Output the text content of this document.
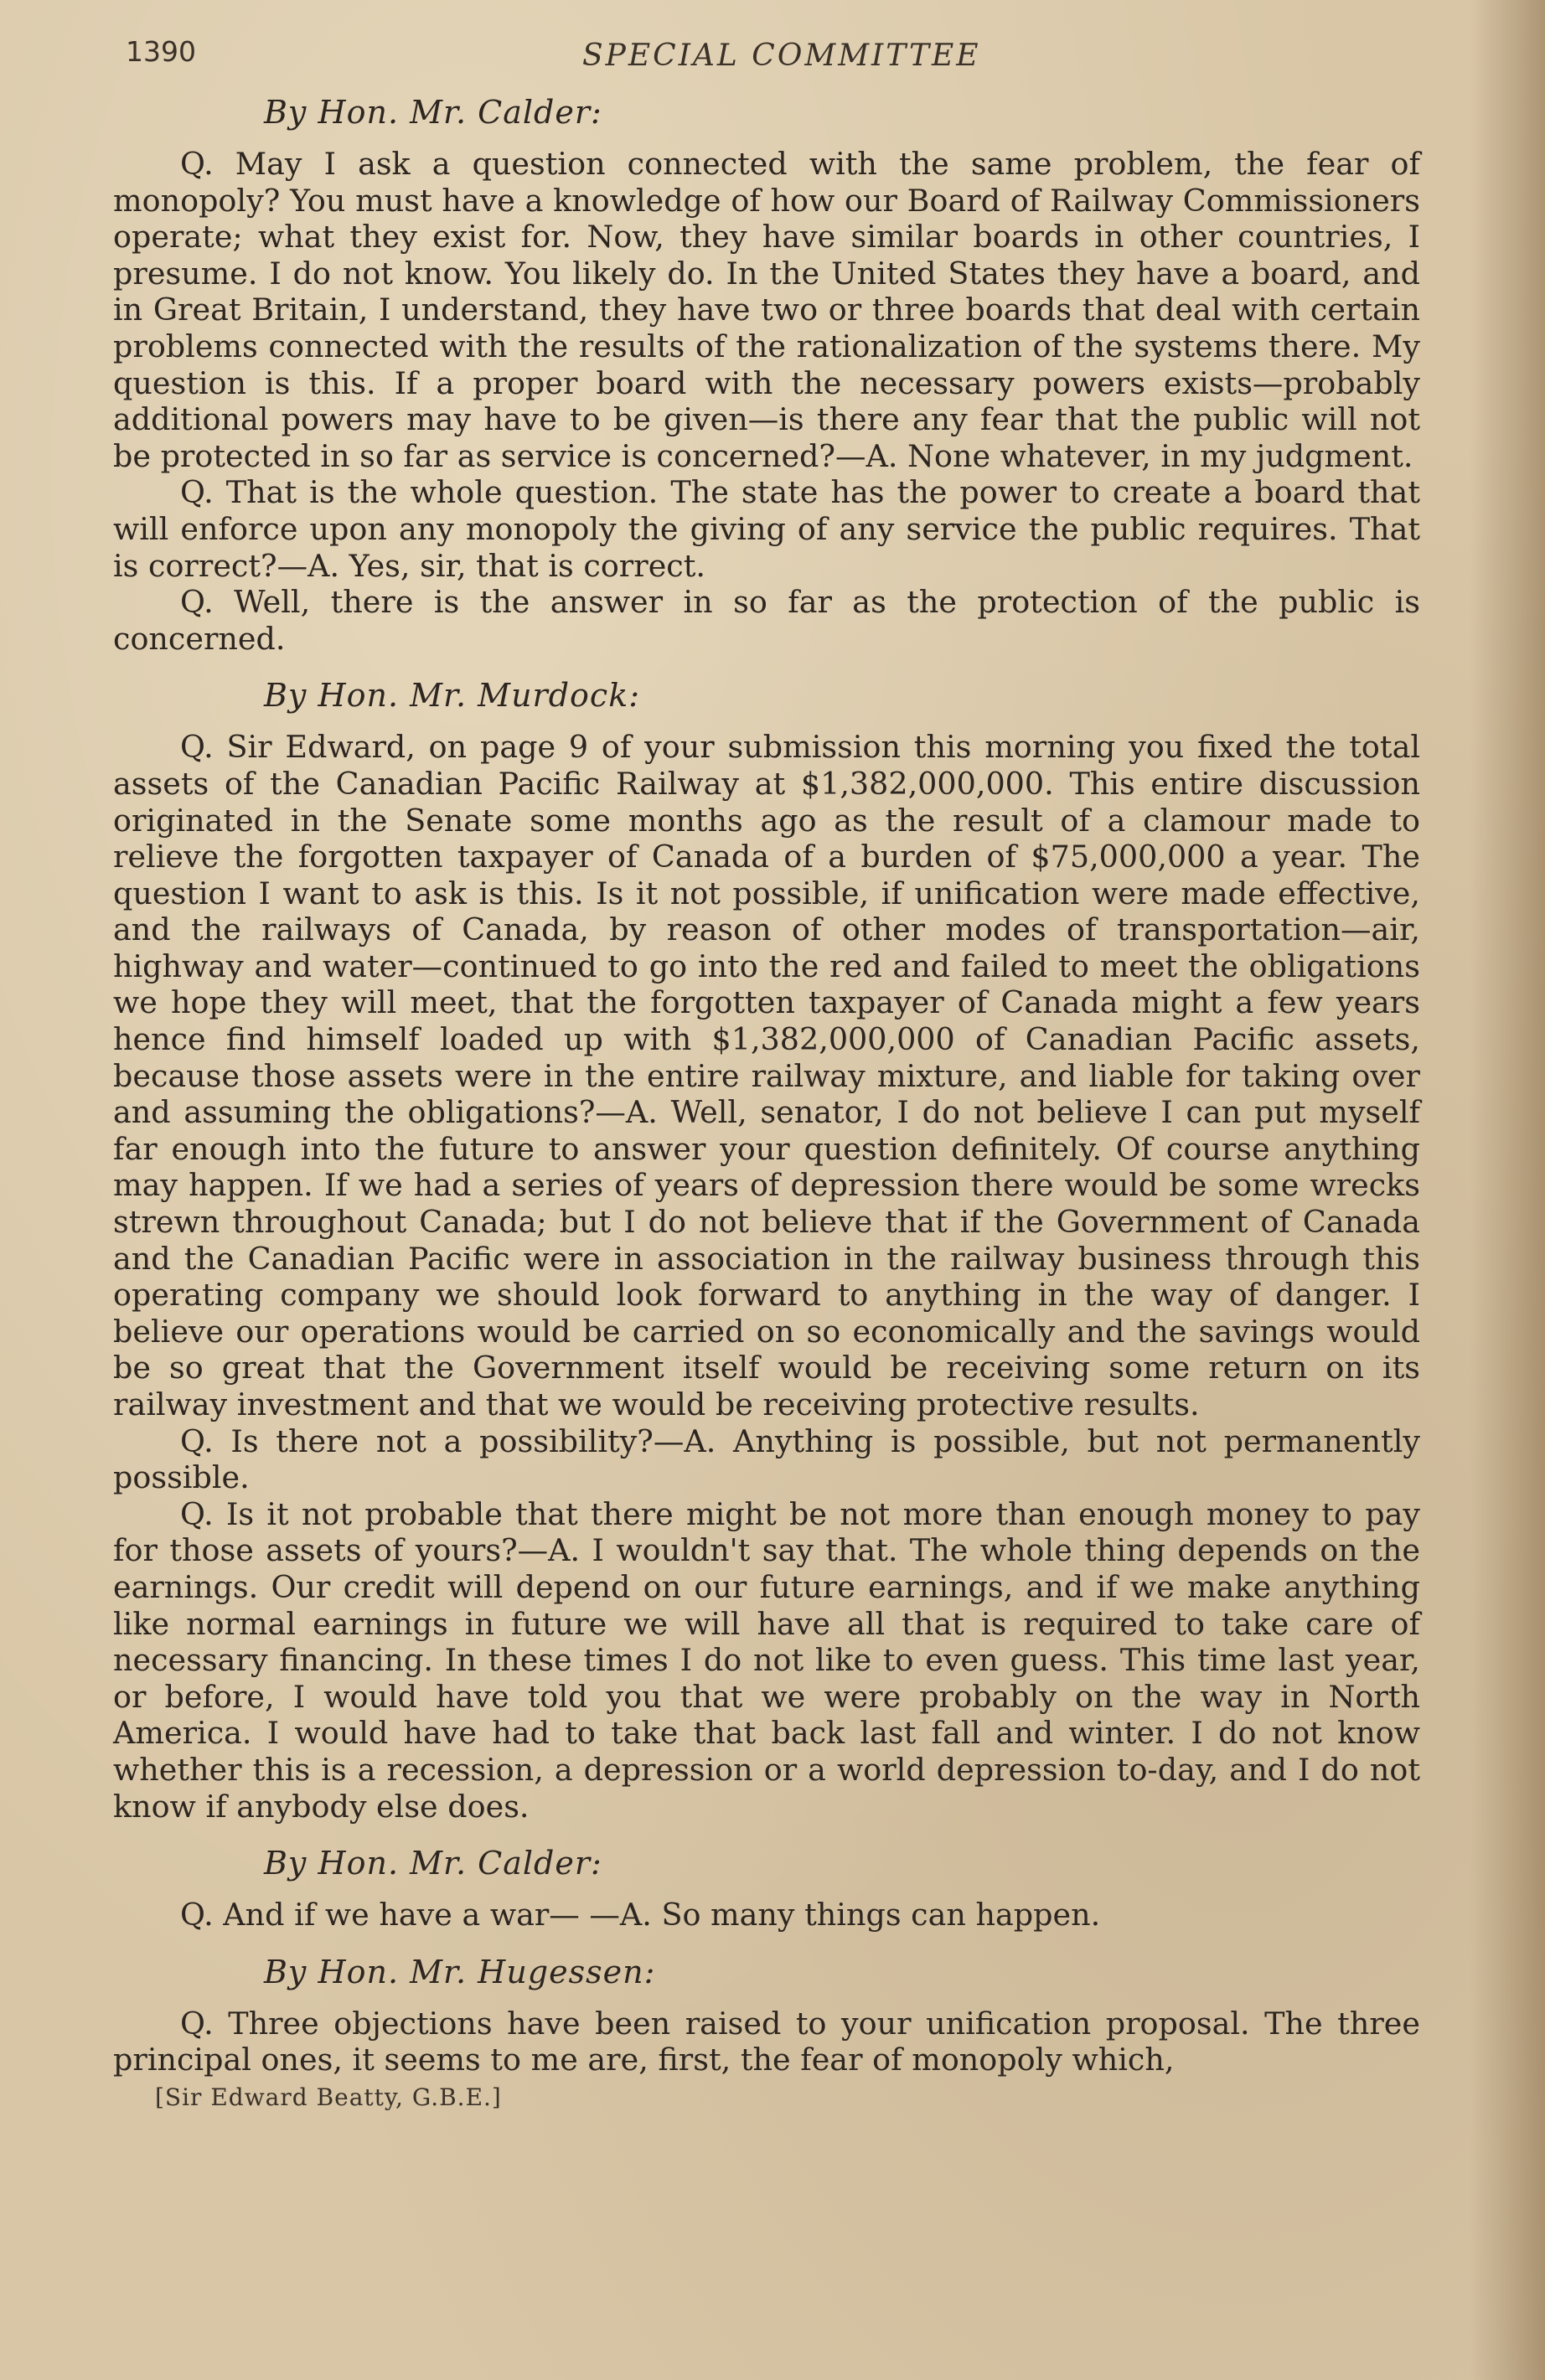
1390	SPECIAL COMMITTEE
By Hon. Mr. Calder:

Q. May I ask a question connected with the same problem, the fear of monopoly? You must have a knowledge of how our Board of Railway Commissioners operate; what they exist for. Now, they have similar boards in other countries, I presume. I do not know. You likely do. In the United States they have a board, and in Great Britain, I understand, they have two or three boards that deal with certain problems connected with the results of the rationalization of the systems there. My question is this. If a proper board with the necessary powers exists—probably additional powers may have to be given—is there any fear that the public will not be protected in so far as service is concerned?—A. None whatever, in my judgment.

Q. That is the whole question. The state has the power to create a board that will enforce upon any monopoly the giving of any service the public requires. That is correct?—A. Yes, sir, that is correct.

Q. Well, there is the answer in so far as the protection of the public is concerned.

By Hon. Mr. Murdock:

Q. Sir Edward, on page 9 of your submission this morning you fixed the total assets of the Canadian Pacific Railway at $1,382,000,000. This entire discussion originated in the Senate some months ago as the result of a clamour made to relieve the forgotten taxpayer of Canada of a burden of $75,000,000 a year. The question I want to ask is this. Is it not possible, if unification were made effective, and the railways of Canada, by reason of other modes of transportation—air, highway and water—continued to go into the red and failed to meet the obligations we hope they will meet, that the forgotten taxpayer of Canada might a few years hence find himself loaded up with $1,382,000,000 of Canadian Pacific assets, because those assets were in the entire railway mixture, and liable for taking over and assuming the obligations?—A. Well, senator, I do not believe I can put myself far enough into the future to answer your question definitely. Of course anything may happen. If we had a series of years of depression there would be some wrecks strewn throughout Canada; but I do not believe that if the Government of Canada and the Canadian Pacific were in association in the railway business through this operating company we should look forward to anything in the way of danger. I believe our operations would be carried on so economically and the savings would be so great that the Government itself would be receiving some return on its railway investment and that we would be receiving protective results.

Q. Is there not a possibility?—A. Anything is possible, but not permanently possible.

Q. Is it not probable that there might be not more than enough money to pay for those assets of yours?—A. I wouldn't say that. The whole thing depends on the earnings. Our credit will depend on our future earnings, and if we make anything like normal earnings in future we will have all that is required to take care of necessary financing. In these times I do not like to even guess. This time last year, or before, I would have told you that we were probably on the way in North America. I would have had to take that back last fall and winter. I do not know whether this is a recession, a depression or a world depression to-day, and I do not know if anybody else does.

By Hon. Mr. Calder:

Q. And if we have a war— —A. So many things can happen.

By Hon. Mr. Hugessen:

Q. Three objections have been raised to your unification proposal. The three principal ones, it seems to me are, first, the fear of monopoly which,

[Sir Edward Beatty, G.B.E.]
